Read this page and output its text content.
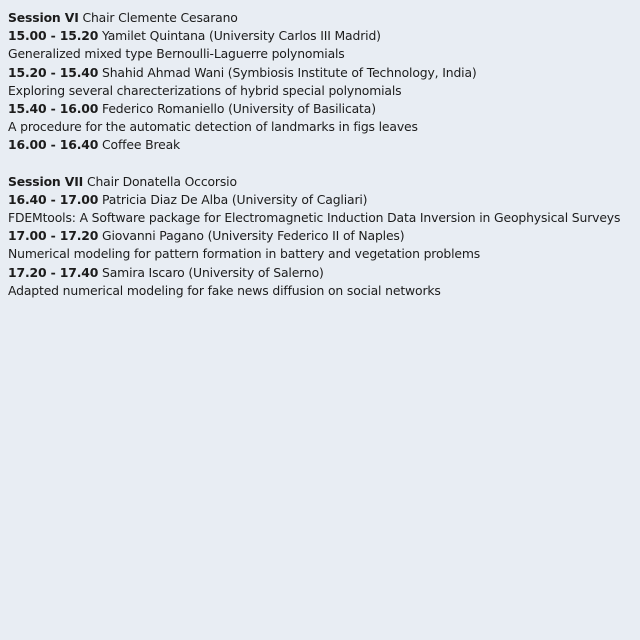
Session VI Chair Clemente Cesarano
15.00 - 15.20 Yamilet Quintana (University Carlos III Madrid)
Generalized mixed type Bernoulli-Laguerre polynomials
15.20 - 15.40 Shahid Ahmad Wani (Symbiosis Institute of Technology, India)
Exploring several charecterizations of hybrid special polynomials
15.40 - 16.00 Federico Romaniello (University of Basilicata)
A procedure for the automatic detection of landmarks in figs leaves
16.00 - 16.40 Coffee Break
Session VII Chair Donatella Occorsio
16.40 - 17.00 Patricia Diaz De Alba (University of Cagliari)
FDEMtools: A Software package for Electromagnetic Induction Data Inversion in Geophysical Surveys
17.00 - 17.20 Giovanni Pagano (University Federico II of Naples)
Numerical modeling for pattern formation in battery and vegetation problems
17.20 - 17.40 Samira Iscaro (University of Salerno)
Adapted numerical modeling for fake news diffusion on social networks
